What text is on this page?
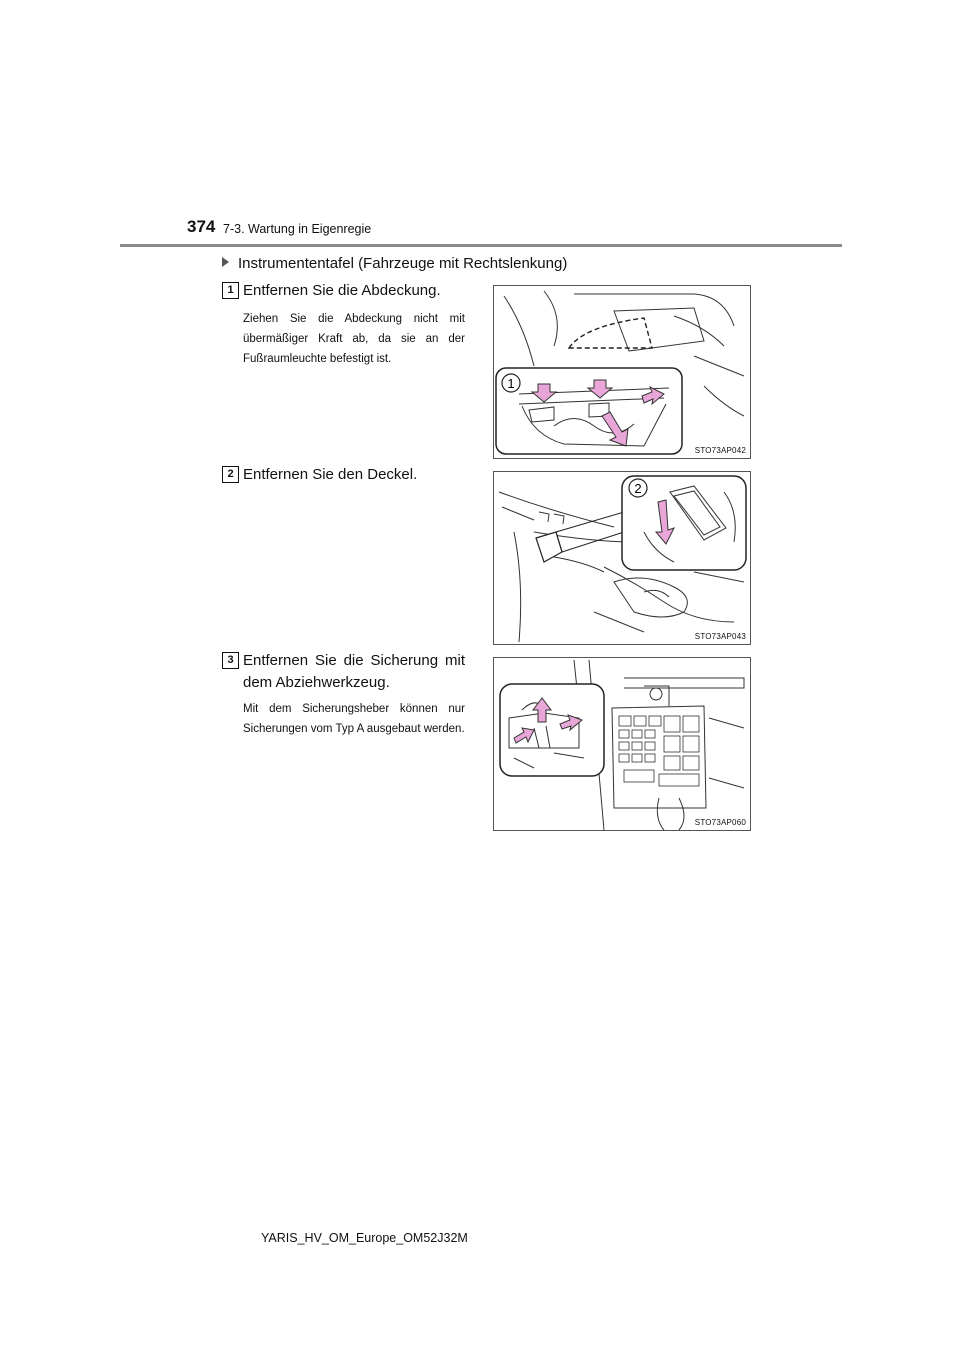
374 7-3. Wartung in Eigenregie
Instrumententafel (Fahrzeuge mit Rechtslenkung)
1 Entfernen Sie die Abdeckung.
Ziehen Sie die Abdeckung nicht mit übermäßiger Kraft ab, da sie an der Fußraumleuchte befestigt ist.
1
STO73AP042
2 Entfernen Sie den Deckel.
2
STO73AP043
3 Entfernen Sie die Sicherung mit dem Abziehwerkzeug.
Mit dem Sicherungsheber können nur Sicherungen vom Typ A ausgebaut werden.
STO73AP060
YARIS_HV_OM_Europe_OM52J32M
